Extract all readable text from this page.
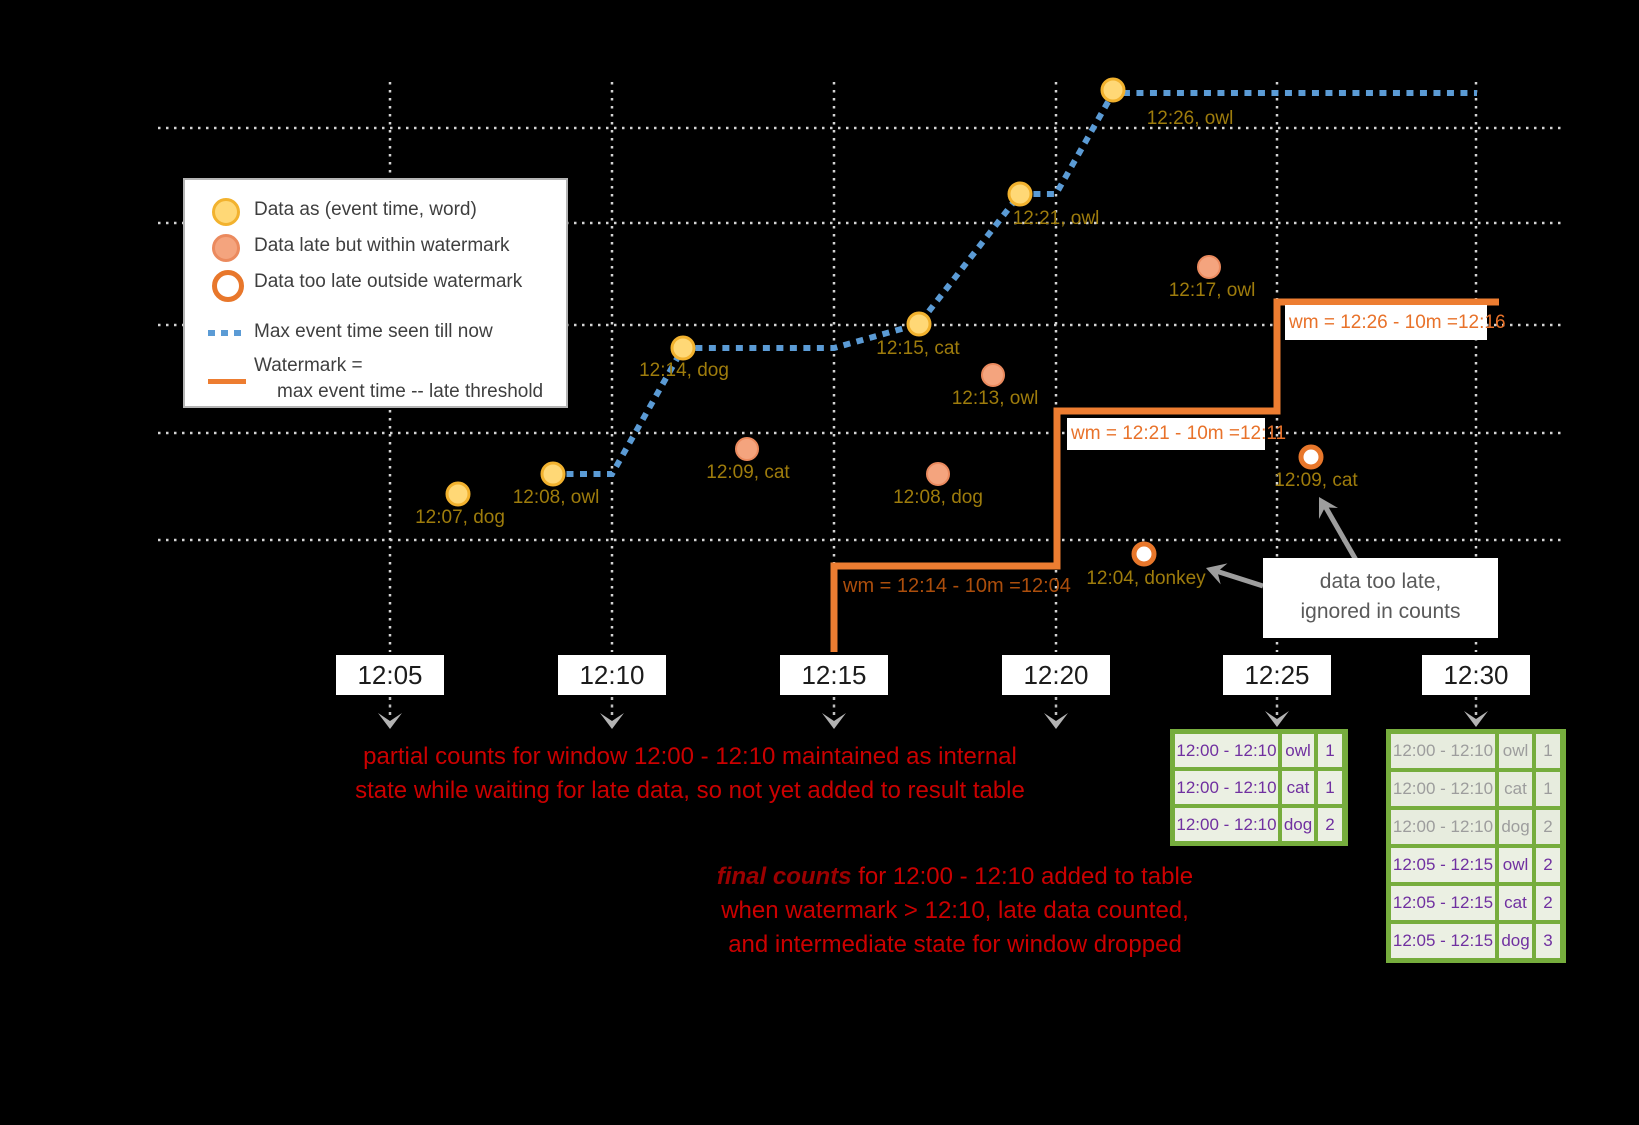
12:07, dog
12:08, owl
12:14, dog
12:15, cat
12:21, owl
12:26, owl
12:09, cat
12:08, dog
12:13, owl
12:17, owl
12:04, donkey
12:09, cat
wm = 12:14 - 10m =12:04
Data as (event time, word)
Data late but within watermark
Data too late outside watermark
Max event time seen till now
Watermark =
max event time -- late threshold
12:05	12:10	12:15	12:20	12:25	12:30
wm = 12:21 - 10m =12:11
wm = 12:26 - 10m =12:16
data too late,
ignored in counts
partial counts for window 12:00 - 12:10 maintained as internal
state while waiting for late data, so not yet added to result table
final counts for 12:00 - 12:10 added to table
when watermark > 12:10, late data counted,
and intermediate state for window dropped
12:00 - 12:10 owl 1
12:00 - 12:10 cat 1
12:00 - 12:10 dog 2
12:00 - 12:10 owl 1
12:00 - 12:10 cat 1
12:00 - 12:10 dog 2
12:05 - 12:15 owl 2
12:05 - 12:15 cat 2
12:05 - 12:15 dog 3
